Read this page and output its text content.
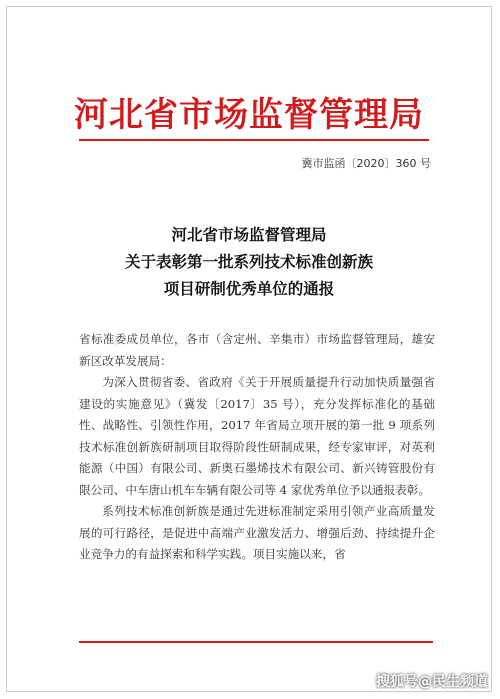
河北省市场监督管理局
冀市监函〔2020〕360 号
河北省市场监督管理局
关于表彰第一批系列技术标准创新族
项目研制优秀单位的通报

省标准委成员单位，各市（含定州、辛集市）市场监督管理局，雄安新区改革发展局：

为深入贯彻省委、省政府《关于开展质量提升行动加快质量强省建设的实施意见》（冀发〔2017〕35 号），充分发挥标准化的基础性、战略性、引领性作用，2017 年省局立项开展的第一批 9 项系列技术标准创新族研制项目取得阶段性研制成果，经专家审评，对英利能源（中国）有限公司、新奥石墨烯技术有限公司、新兴铸管股份有限公司、中车唐山机车车辆有限公司等 4 家优秀单位予以通报表彰。

系列技术标准创新族是通过先进标准制定采用引领产业高质量发展的可行路径，是促进中高端产业激发活力、增强后劲、持续提升企业竞争力的有益探索和科学实践。项目实施以来，省

搜狐号@民生频道
